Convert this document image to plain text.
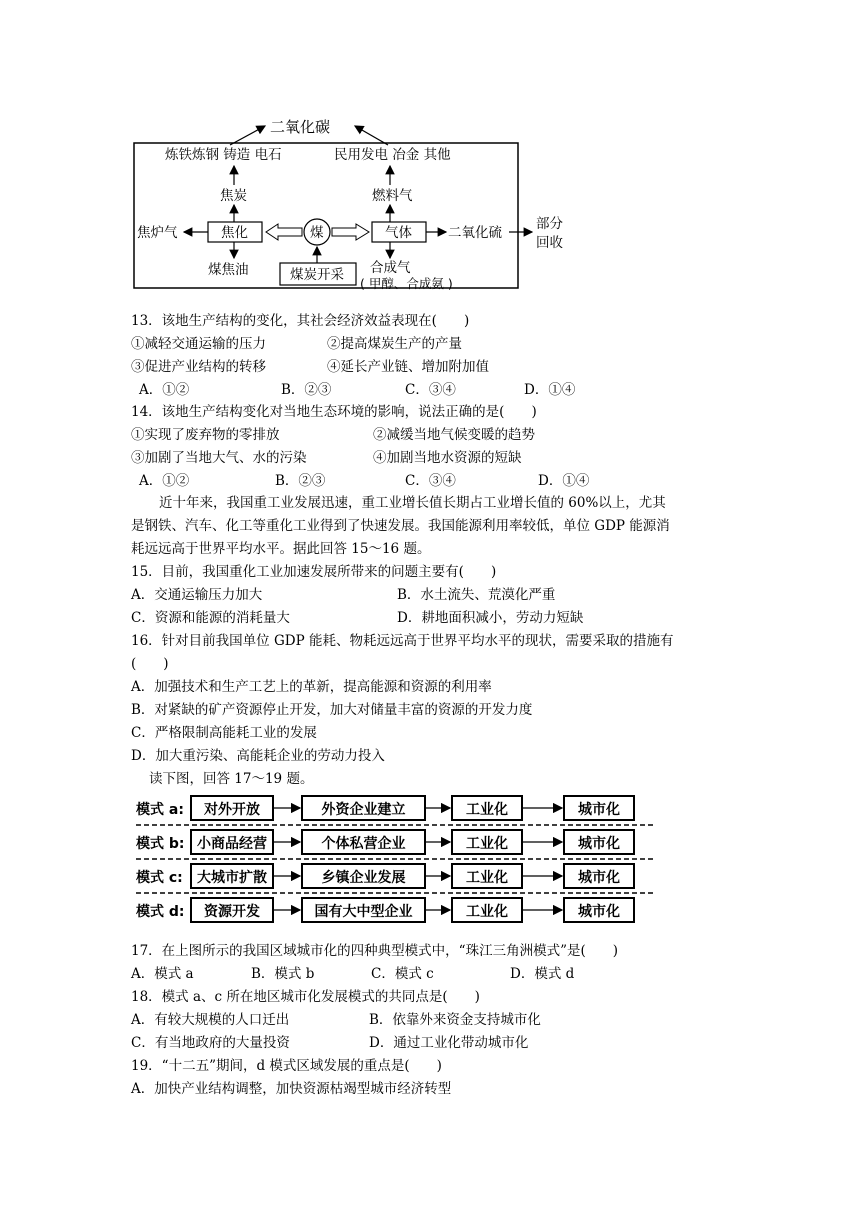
二氧化碳
炼铁炼钢 铸造 电石	民用发电 冶金 其他
焦炭	燃料气
焦化	气体
焦炉气	煤	二氧化硫
部分
回收
煤焦油	合成气
( 甲醇、合成氨 )
煤炭开采
13．该地生产结构的变化，其社会经济效益表现在(　　)
①减轻交通运输的压力	②提高煤炭生产的产量
③促进产业结构的转移	④延长产业链、增加附加值
A．①②	B．②③	C．③④	D．①④
14．该地生产结构变化对当地生态环境的影响，说法正确的是(　　)
①实现了废弃物的零排放	②减缓当地气候变暖的趋势
③加剧了当地大气、水的污染	④加剧当地水资源的短缺
A．①②	B．②③	C．③④	D．①④
近十年来，我国重工业发展迅速，重工业增长值长期占工业增长值的 60%以上，尤其
是钢铁、汽车、化工等重化工业得到了快速发展。我国能源利用率较低，单位 GDP 能源消
耗远远高于世界平均水平。据此回答 15～16 题。
15．目前，我国重化工业加速发展所带来的问题主要有(　　)
A．交通运输压力加大	B．水土流失、荒漠化严重
C．资源和能源的消耗量大	D．耕地面积减小，劳动力短缺
16．针对目前我国单位 GDP 能耗、物耗远远高于世界平均水平的现状，需要采取的措施有
(　　)
A．加强技术和生产工艺上的革新，提高能源和资源的利用率
B．对紧缺的矿产资源停止开发，加大对储量丰富的资源的开发力度
C．严格限制高能耗工业的发展
D．加大重污染、高能耗企业的劳动力投入
读下图，回答 17～19 题。
模式 a: 对外开放	外资企业建立	工业化	城市化
模式 b: 小商品经营	个体私营企业	工业化	城市化
模式 c: 大城市扩散	乡镇企业发展	工业化	城市化
模式 d: 资源开发	国有大中型企业	工业化	城市化
17．在上图所示的我国区域城市化的四种典型模式中，“珠江三角洲模式”是(　　)
A．模式 a	B．模式 b	C．模式 c	D．模式 d
18．模式 a、c 所在地区城市化发展模式的共同点是(　　)
A．有较大规模的人口迁出	B．依靠外来资金支持城市化
C．有当地政府的大量投资	D．通过工业化带动城市化
19．“十二五”期间，d 模式区域发展的重点是(　　)
A．加快产业结构调整，加快资源枯竭型城市经济转型
